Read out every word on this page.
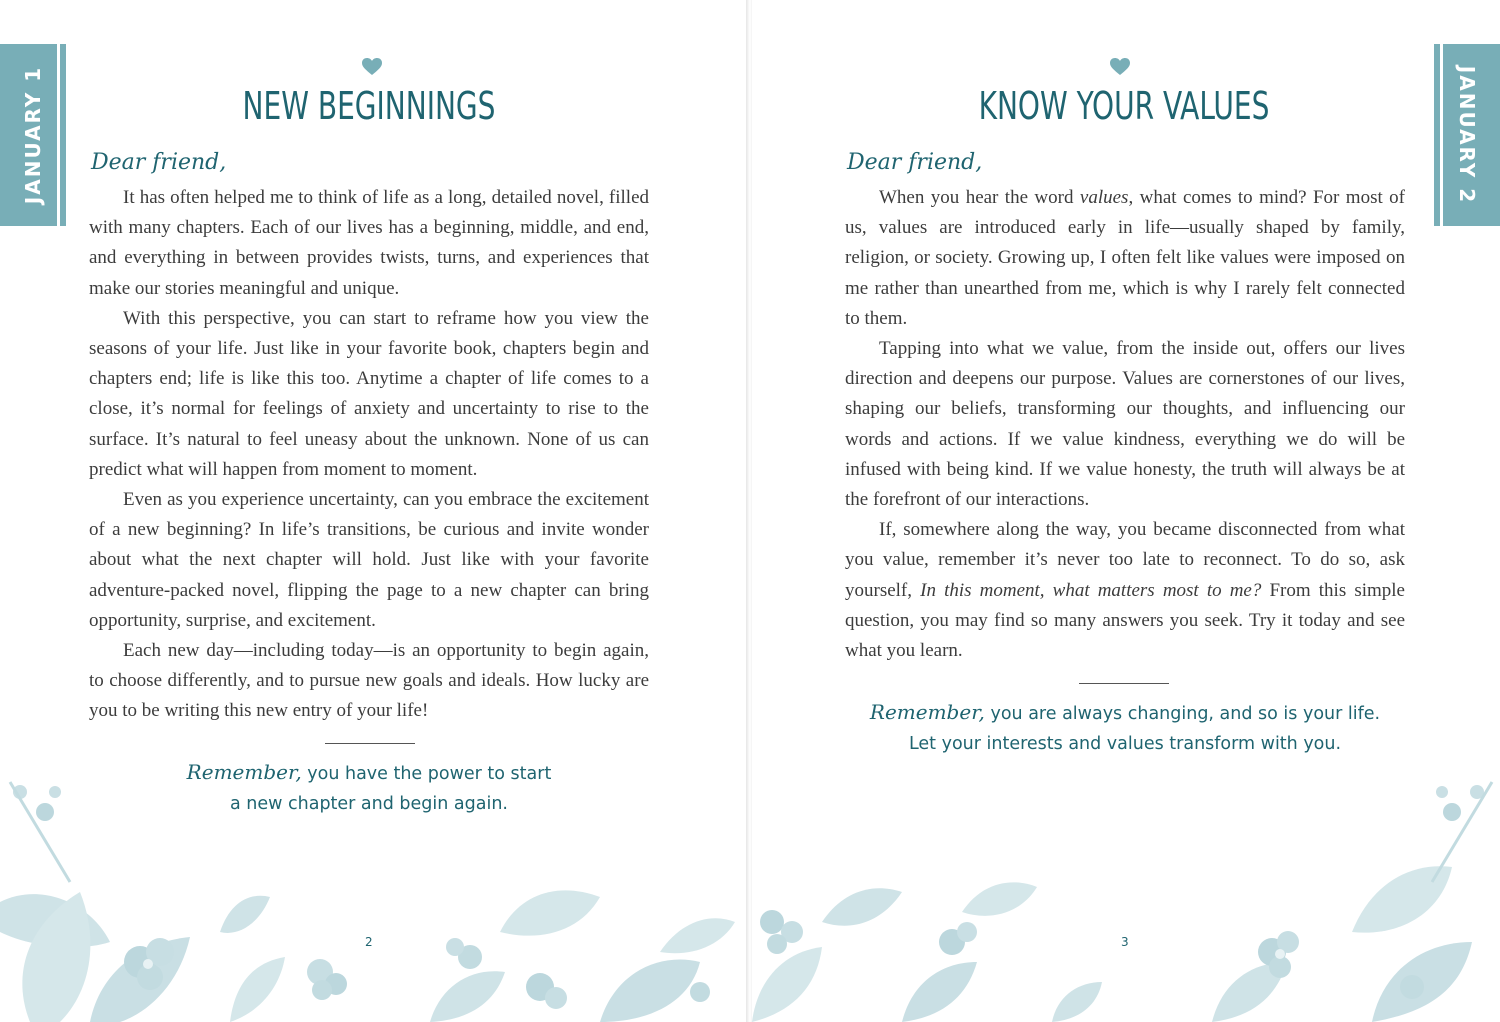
JANUARY 1	NEW BEGINNINGS
Dear friend,

It has often helped me to think of life as a long, detailed novel, filled with many chapters. Each of our lives has a beginning, middle, and end, and everything in between provides twists, turns, and experiences that make our stories meaningful and unique.

With this perspective, you can start to reframe how you view the seasons of your life. Just like in your favorite book, chapters begin and chapters end; life is like this too. Anytime a chapter of life comes to a close, it’s normal for feelings of anxiety and uncertainty to rise to the surface. It’s natural to feel uneasy about the unknown. None of us can predict what will happen from moment to moment.

Even as you experience uncertainty, can you embrace the excitement of a new beginning? In life’s transitions, be curious and invite wonder about what the next chapter will hold. Just like with your favorite adventure-packed novel, flipping the page to a new chapter can bring opportunity, surprise, and excitement.

Each new day—including today—is an opportunity to begin again, to choose differently, and to pursue new goals and ideals. How lucky are you to be writing this new entry of your life!

Remember, you have the power to start
a new chapter and begin again.
2
JANUARY 2
KNOW YOUR VALUES
Dear friend,

When you hear the word values, what comes to mind? For most of us, values are introduced early in life—usually shaped by family, religion, or society. Growing up, I often felt like values were imposed on me rather than unearthed from me, which is why I rarely felt connected to them.

Tapping into what we value, from the inside out, offers our lives direction and deepens our purpose. Values are cornerstones of our lives, shaping our beliefs, transforming our thoughts, and influencing our words and actions. If we value kindness, everything we do will be infused with being kind. If we value honesty, the truth will always be at the forefront of our interactions.

If, somewhere along the way, you became disconnected from what you value, remember it’s never too late to reconnect. To do so, ask yourself, In this moment, what matters most to me? From this simple question, you may find so many answers you seek. Try it today and see what you learn.

Remember, you are always changing, and so is your life.
Let your interests and values transform with you.
3
